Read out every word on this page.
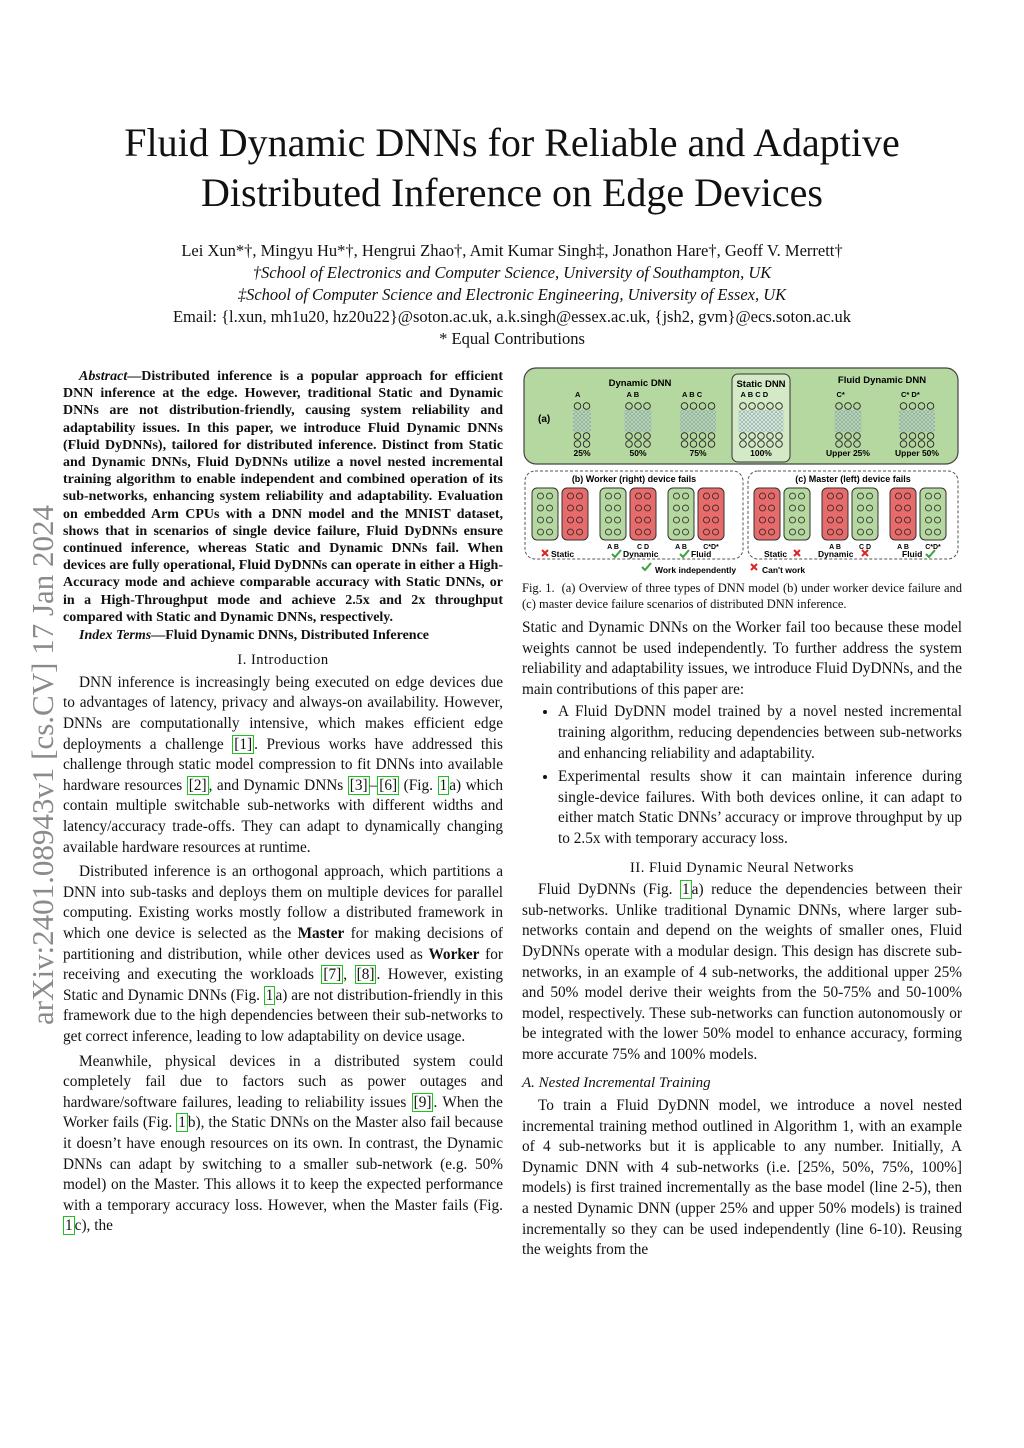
Fluid Dynamic DNNs for Reliable and Adaptive
Distributed Inference on Edge Devices
Lei Xun*†, Mingyu Hu*†, Hengrui Zhao†, Amit Kumar Singh‡, Jonathon Hare†, Geoff V. Merrett†
†School of Electronics and Computer Science, University of Southampton, UK
‡School of Computer Science and Electronic Engineering, University of Essex, UK
Email: {l.xun, mh1u20, hz20u22}@soton.ac.uk, a.k.singh@essex.ac.uk, {jsh2, gvm}@ecs.soton.ac.uk
* Equal Contributions
arXiv:2401.08943v1 [cs.CV] 17 Jan 2024
Abstract—Distributed inference is a popular approach for efficient DNN inference at the edge. However, traditional Static and Dynamic DNNs are not distribution-friendly, causing system reliability and adaptability issues. In this paper, we introduce Fluid Dynamic DNNs (Fluid DyDNNs), tailored for distributed inference. Distinct from Static and Dynamic DNNs, Fluid DyDNNs utilize a novel nested incremental training algorithm to enable independent and combined operation of its sub-networks, enhancing system reliability and adaptability. Evaluation on embedded Arm CPUs with a DNN model and the MNIST dataset, shows that in scenarios of single device failure, Fluid DyDNNs ensure continued inference, whereas Static and Dynamic DNNs fail. When devices are fully operational, Fluid DyDNNs can operate in either a High-Accuracy mode and achieve comparable accuracy with Static DNNs, or in a High-Throughput mode and achieve 2.5x and 2x throughput compared with Static and Dynamic DNNs, respectively.
Index Terms—Fluid Dynamic DNNs, Distributed Inference
I. Introduction

DNN inference is increasingly being executed on edge devices due to advantages of latency, privacy and always-on availability. However, DNNs are computationally intensive, which makes efficient edge deployments a challenge [1] . Previous works have addressed this challenge through static model compression to fit DNNs into available hardware resources [2] , and Dynamic DNNs [3] – [6] (Fig. 1 a) which contain multiple switchable sub-networks with different widths and latency/accuracy trade-offs. They can adapt to dynamically changing available hardware resources at runtime.

Distributed inference is an orthogonal approach, which partitions a DNN into sub-tasks and deploys them on multiple devices for parallel computing. Existing works mostly follow a distributed framework in which one device is selected as the Master for making decisions of partitioning and distribution, while other devices used as Worker for receiving and executing the workloads [7] , [8] . However, existing Static and Dynamic DNNs (Fig. 1 a) are not distribution-friendly in this framework due to the high dependencies between their sub-networks to get correct inference, leading to low adaptability on device usage.

Meanwhile, physical devices in a distributed system could completely fail due to factors such as power outages and hardware/software failures, leading to reliability issues [9] . When the Worker fails (Fig. 1 b), the Static DNNs on the Master also fail because it doesn’t have enough resources on its own. In contrast, the Dynamic DNNs can adapt by switching to a smaller sub-network (e.g. 50% model) on the Master. This allows it to keep the expected performance with a temporary accuracy loss. However, when the Master fails (Fig. 1 c), the

(a)
Dynamic DNN	Static DNN	Fluid Dynamic DNN
A
25%
A B
50%
A B C
75%
A B C D
100%
C*
Upper 25%
C* D*
Upper 50%
(b) Worker (right) device fails	(c) Master (left) device fails
A B	C D	A B C*D*	A B	C D	A B C*D*
Static	Dynamic	Fluid	Static	Dynamic	Fluid
Work independently	Can't work
Fig. 1. (a) Overview of three types of DNN model (b) under worker device failure and (c) master device failure scenarios of distributed DNN inference.

Static and Dynamic DNNs on the Worker fail too because these model weights cannot be used independently. To further address the system reliability and adaptability issues, we introduce Fluid DyDNNs, and the main contributions of this paper are:

• A Fluid DyDNN model trained by a novel nested incremental training algorithm, reducing dependencies between sub-networks and enhancing reliability and adaptability.
• Experimental results show it can maintain inference during single-device failures. With both devices online, it can adapt to either match Static DNNs’ accuracy or improve throughput by up to 2.5x with temporary accuracy loss.
II. Fluid Dynamic Neural Networks

Fluid DyDNNs (Fig. 1 a) reduce the dependencies between their sub-networks. Unlike traditional Dynamic DNNs, where larger sub-networks contain and depend on the weights of smaller ones, Fluid DyDNNs operate with a modular design. This design has discrete sub-networks, in an example of 4 sub-networks, the additional upper 25% and 50% model derive their weights from the 50-75% and 50-100% model, respectively. These sub-networks can function autonomously or be integrated with the lower 50% model to enhance accuracy, forming more accurate 75% and 100% models.

A. Nested Incremental Training

To train a Fluid DyDNN model, we introduce a novel nested incremental training method outlined in Algorithm 1, with an example of 4 sub-networks but it is applicable to any number. Initially, A Dynamic DNN with 4 sub-networks (i.e. [25%, 50%, 75%, 100%] models) is first trained incrementally as the base model (line 2-5), then a nested Dynamic DNN (upper 25% and upper 50% models) is trained incrementally so they can be used independently (line 6-10). Reusing the weights from the
